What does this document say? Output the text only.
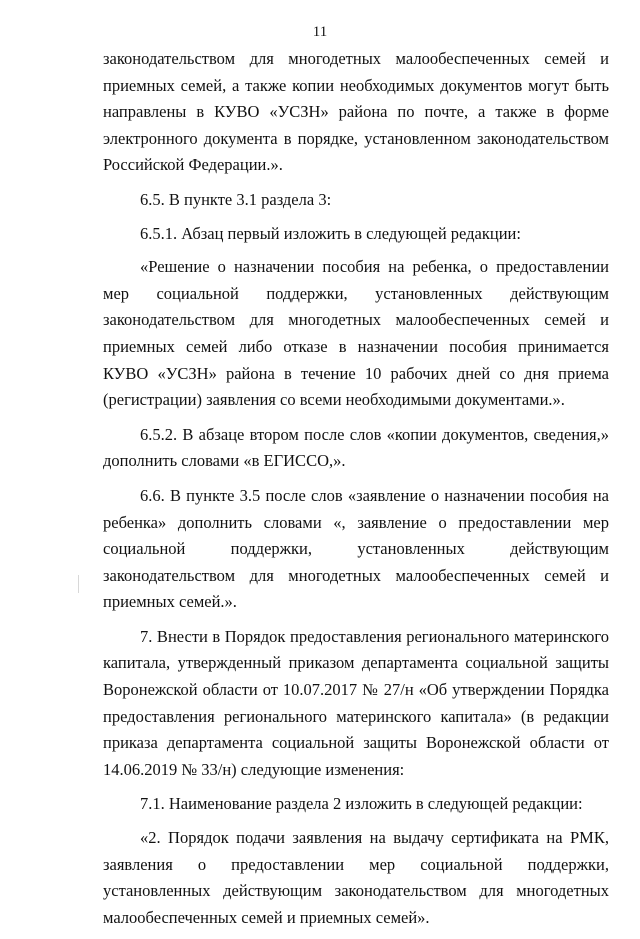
11

законодательством для многодетных малообеспеченных семей и приемных семей, а также копии необходимых документов могут быть направлены в КУВО «УСЗН» района по почте, а также в форме электронного документа в порядке, установленном законодательством Российской Федерации.».

6.5. В пункте 3.1 раздела 3:

6.5.1. Абзац первый изложить в следующей редакции:

«Решение о назначении пособия на ребенка, о предоставлении мер социальной поддержки, установленных действующим законодательством для многодетных малообеспеченных семей и приемных семей либо отказе в назначении пособия принимается КУВО «УСЗН» района в течение 10 рабочих дней со дня приема (регистрации) заявления со всеми необходимыми документами.».

6.5.2. В абзаце втором после слов «копии документов, сведения,» дополнить словами «в ЕГИССО,».

6.6. В пункте 3.5 после слов «заявление о назначении пособия на ребенка» дополнить словами «, заявление о предоставлении мер социальной поддержки, установленных действующим законодательством для многодетных малообеспеченных семей и приемных семей.».

7. Внести в Порядок предоставления регионального материнского капитала, утвержденный приказом департамента социальной защиты Воронежской области от 10.07.2017 № 27/н «Об утверждении Порядка предоставления регионального материнского капитала» (в редакции приказа департамента социальной защиты Воронежской области от 14.06.2019 № 33/н) следующие изменения:

7.1. Наименование раздела 2 изложить в следующей редакции:

«2. Порядок подачи заявления на выдачу сертификата на РМК, заявления о предоставлении мер социальной поддержки, установленных действующим законодательством для многодетных малообеспеченных семей и приемных семей».
